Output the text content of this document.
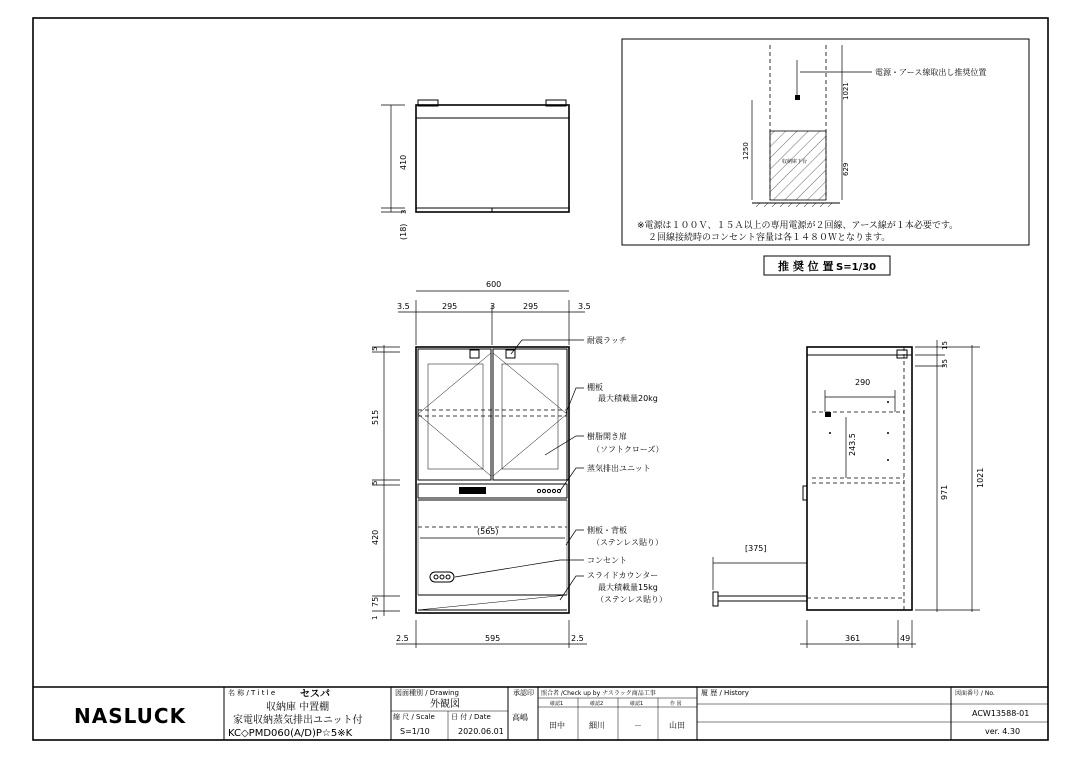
電源・アース線取出し推奨位置
1021
629
1250
収納庫下台
※電源は１００Ｖ、１５Ａ以上の専用電源が２回線、アース線が１本必要です。
２回線接続時のコンセント容量は各１４８０Ｗとなります。
推 奨 位 置 S=1/30
410
3
(18)
600
3.5	295	3	295	3.5
(565)
5
515
5
420
75
1
2.5	595	2.5
耐震ラッチ
棚板
最大積載量20kg
樹脂開き扉
（ソフトクローズ）
蒸気排出ユニット
側板・背板
（ステンレス貼り）
コンセント
スライドカウンター
最大積載量15kg
（ステンレス貼り）
290
243.5
[375]
15
35
971
1021
361	49
NASLUCK
名 称 / T i t l e セスパ
収納庫 中置棚
家電収納蒸気排出ユニット付
KC◇PMD060(A/D)P☆5※K
図面種別 / Drawing
外観図
縮 尺 / Scale
S=1/10
日 付 / Date
2020.06.01
承認印
高嶋
照合者 /Check up by ナスラック商品工事
確認1	確認2	確認1	作 図
田中	細川	－	山田
履 歴 / History	図面番号 / No.
ACW13588-01
ver. 4.30
